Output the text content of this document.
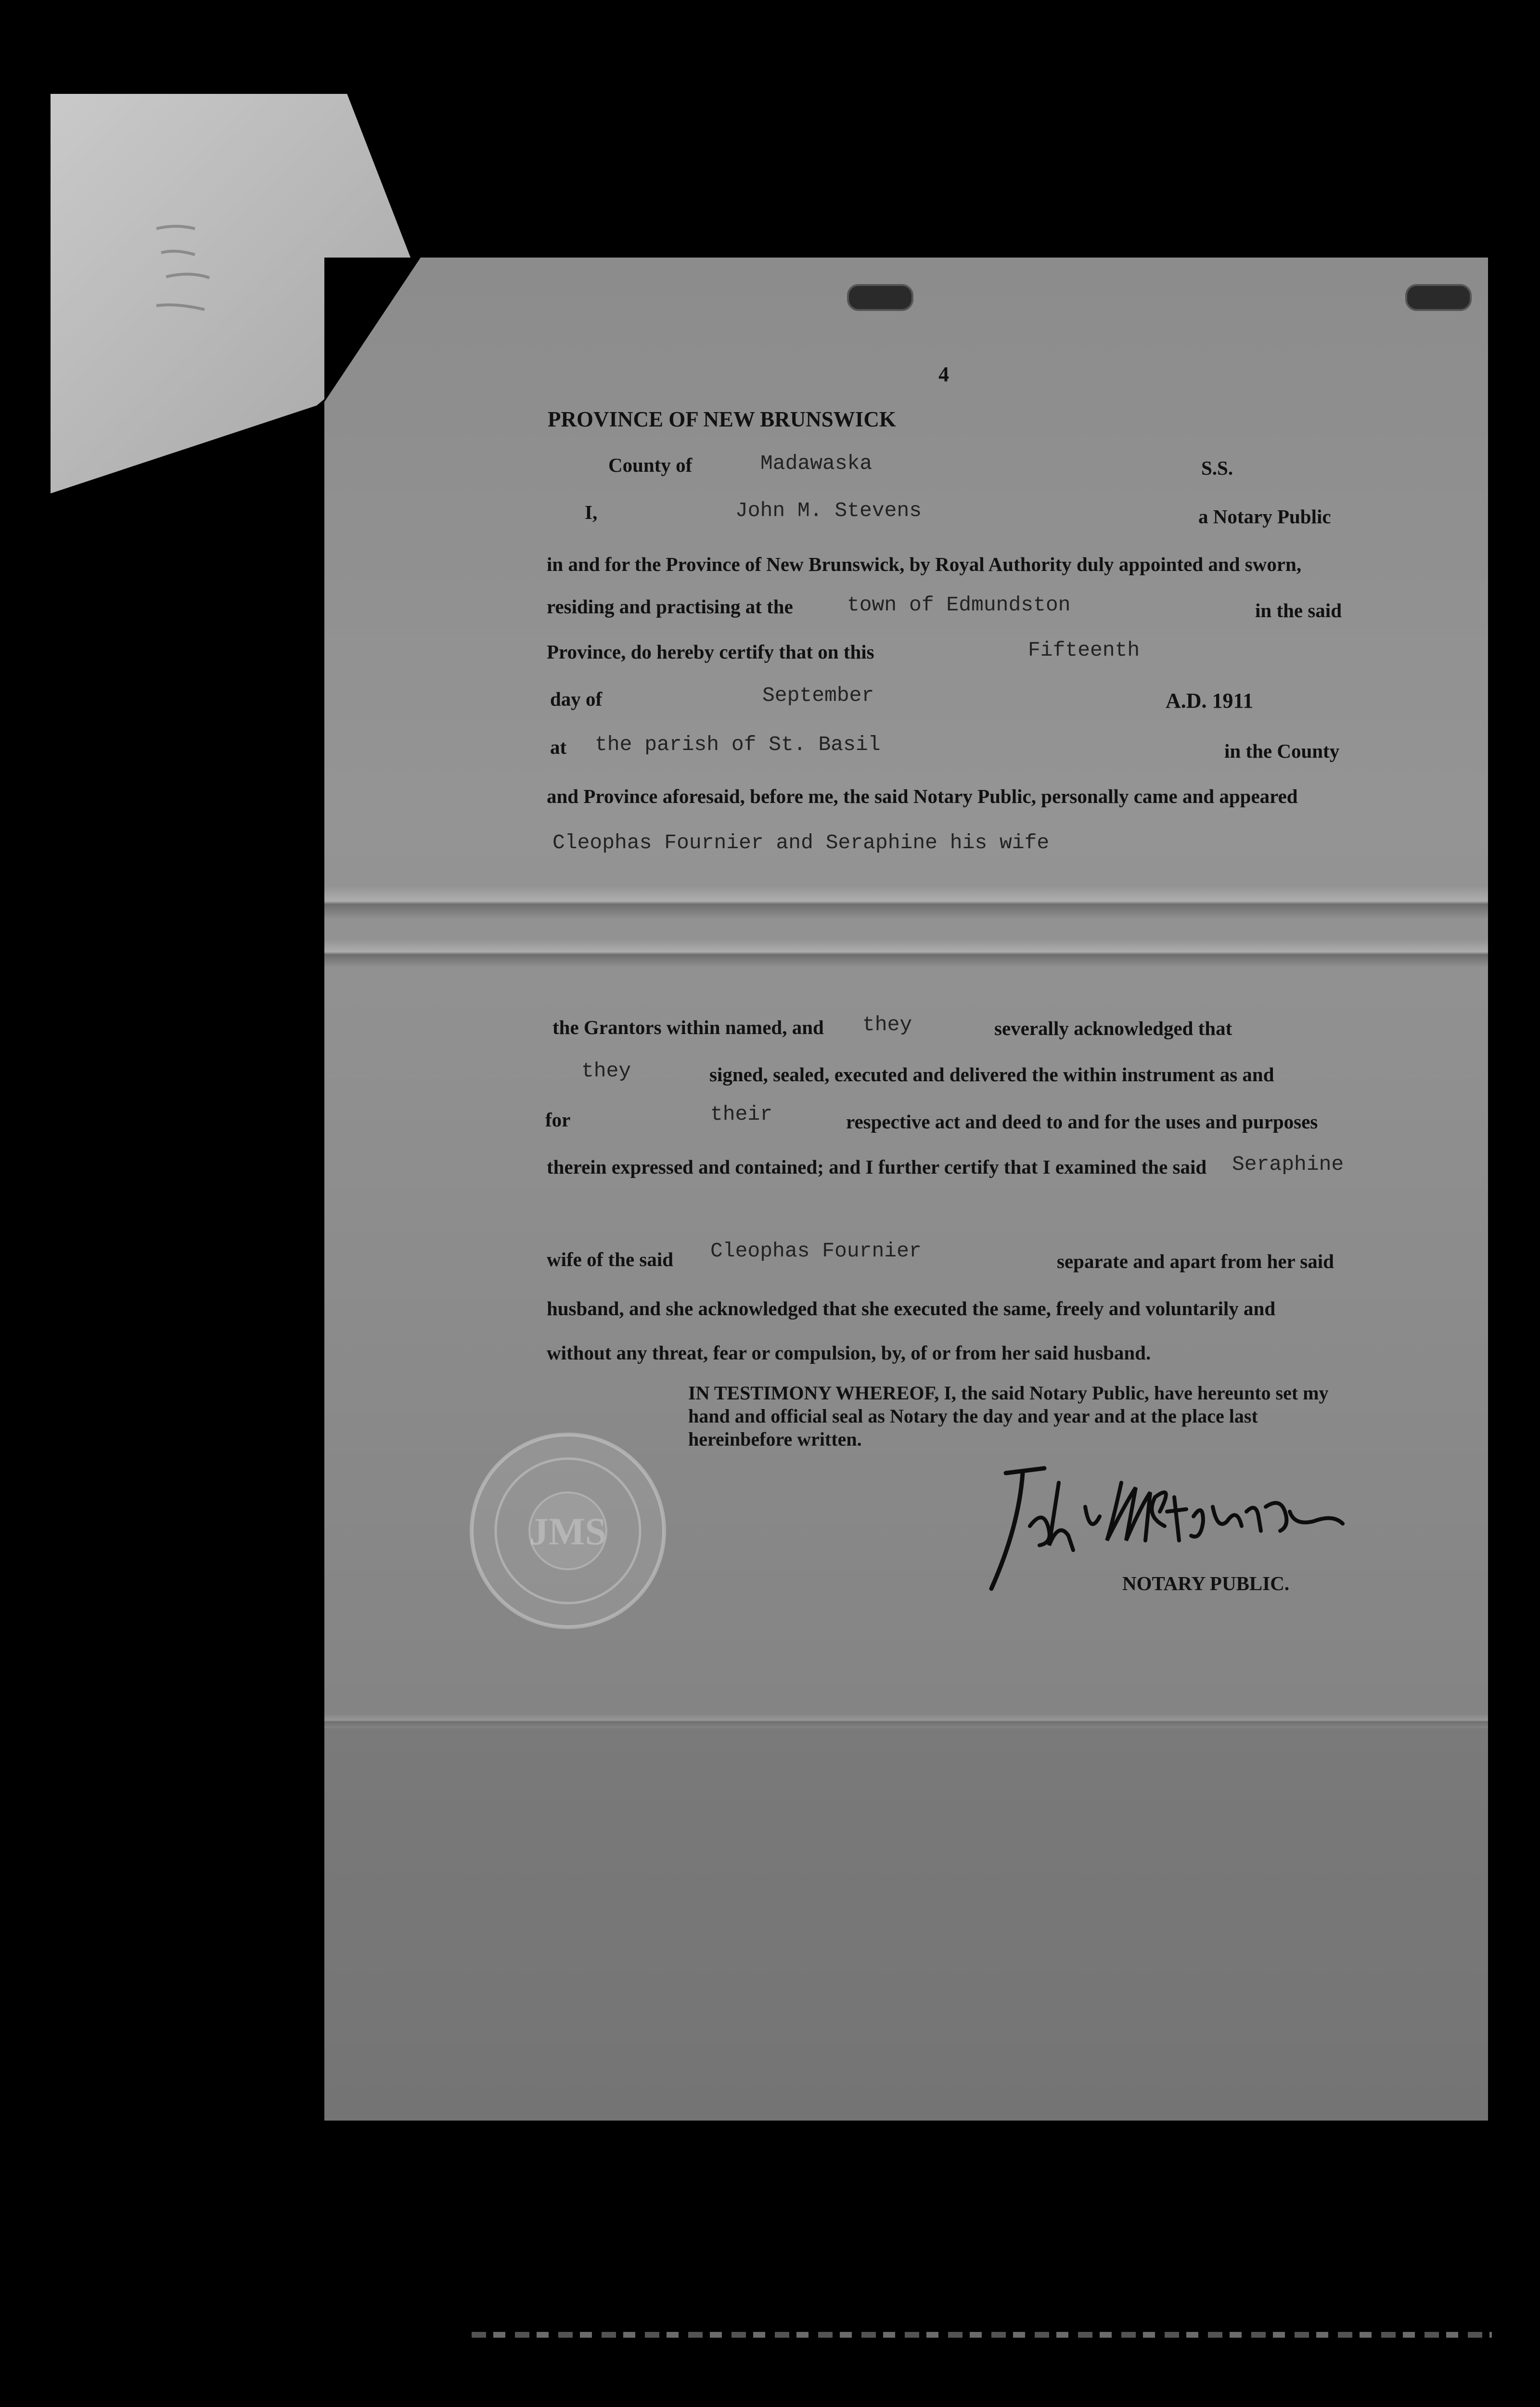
4
PROVINCE OF NEW BRUNSWICK
County of	Madawaska	S.S.
I,	John M. Stevens	a Notary Public
in and for the Province of New Brunswick, by Royal Authority duly appointed and sworn,
residing and practising at the	town of Edmundston	in the said
Province, do hereby certify that on this	Fifteenth
day of	September	A.D. 1911
at the parish of St. Basil	in the County
and Province aforesaid, before me, the said Notary Public, personally came and appeared
Cleophas Fournier and Seraphine his wife
the Grantors within named, and they	severally acknowledged that
they	signed, sealed, executed and delivered the within instrument as and
for	their	respective act and deed to and for the uses and purposes
therein expressed and contained; and I further certify that I examined the said Seraphine
wife of the said Cleophas Fournier	separate and apart from her said
husband, and she acknowledged that she executed the same, freely and voluntarily and
without any threat, fear or compulsion, by, of or from her said husband.
IN TESTIMONY WHEREOF, I, the said Notary Public, have hereunto set my hand and official seal as Notary the day and year and at the place last hereinbefore written.
JMS
NOTARY PUBLIC.
